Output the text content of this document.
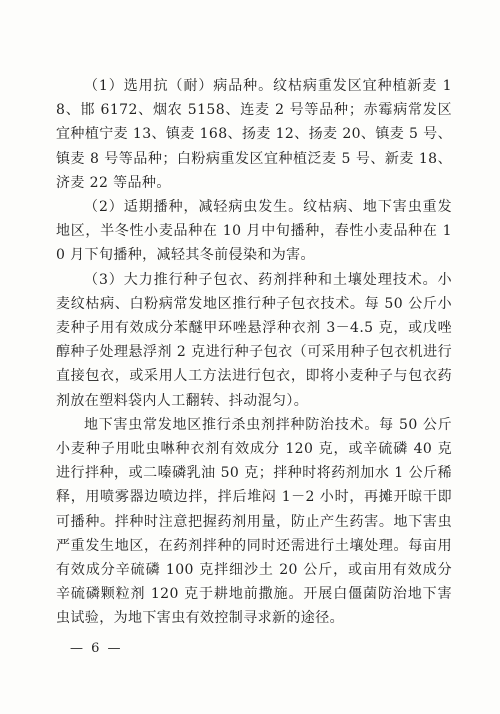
（1）选用抗（耐）病品种。纹枯病重发区宜种植新麦 18、邯 6172、烟农 5158、连麦 2 号等品种；赤霉病常发区宜种植宁麦 13、镇麦 168、扬麦 12、扬麦 20、镇麦 5 号、镇麦 8 号等品种；白粉病重发区宜种植泛麦 5 号、新麦 18、济麦 22 等品种。

（2）适期播种，减轻病虫发生。纹枯病、地下害虫重发地区，半冬性小麦品种在 10 月中旬播种，春性小麦品种在 10 月下旬播种，减轻其冬前侵染和为害。

（3）大力推行种子包衣、药剂拌种和土壤处理技术。小麦纹枯病、白粉病常发地区推行种子包衣技术。每 50 公斤小麦种子用有效成分苯醚甲环唑悬浮种衣剂 3－4.5 克，或戊唑醇种子处理悬浮剂 2 克进行种子包衣（可采用种子包衣机进行直接包衣，或采用人工方法进行包衣，即将小麦种子与包衣药剂放在塑料袋内人工翻转、抖动混匀）。

地下害虫常发地区推行杀虫剂拌种防治技术。每 50 公斤小麦种子用吡虫啉种衣剂有效成分 120 克，或辛硫磷 40 克进行拌种，或二嗪磷乳油 50 克；拌种时将药剂加水 1 公斤稀释，用喷雾器边喷边拌，拌后堆闷 1－2 小时，再摊开晾干即可播种。拌种时注意把握药剂用量，防止产生药害。地下害虫严重发生地区，在药剂拌种的同时还需进行土壤处理。每亩用有效成分辛硫磷 100 克拌细沙土 20 公斤，或亩用有效成分辛硫磷颗粒剂 120 克于耕地前撒施。开展白僵菌防治地下害虫试验，为地下害虫有效控制寻求新的途径。

— 6 —
